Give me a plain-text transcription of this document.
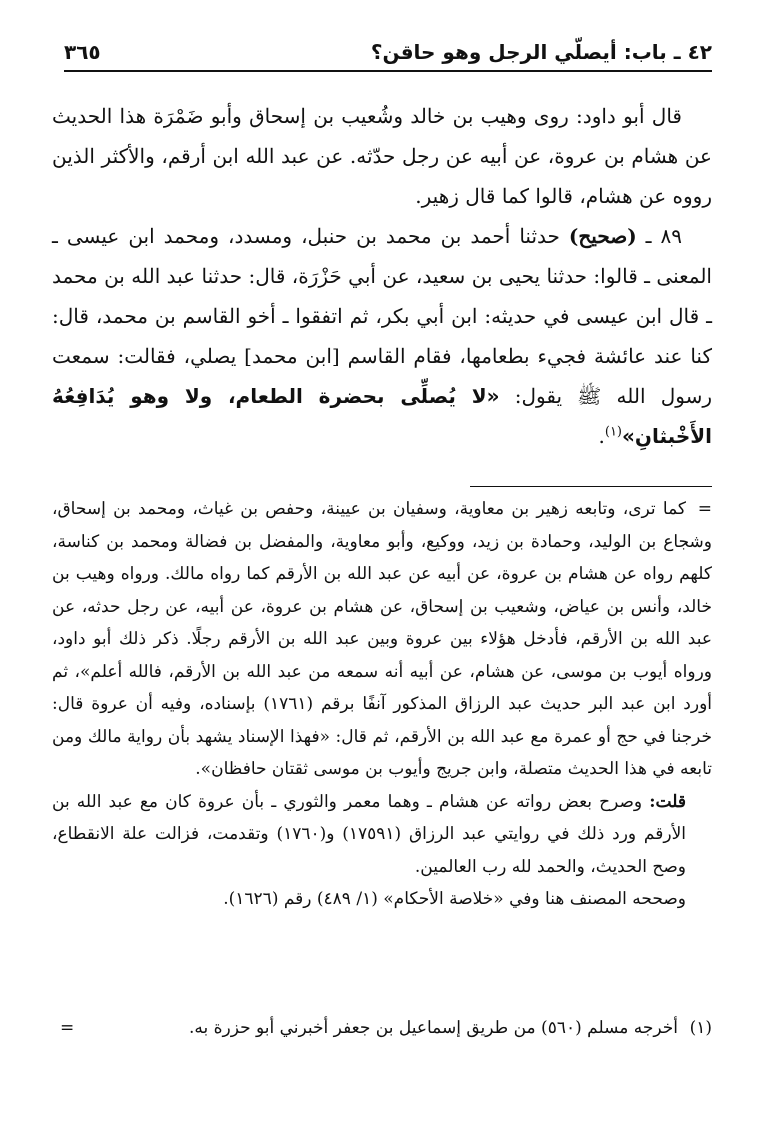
٤٢ ـ باب: أيصلّي الرجل وهو حاقن؟
٣٦٥

قال أبو داود: روى وهيب بن خالد وشُعيب بن إسحاق وأبو ضَمْرَة هذا الحديث عن هشام بن عروة، عن أبيه عن رجل حدّثه. عن عبد الله ابن أرقم، والأكثر الذين رووه عن هشام، قالوا كما قال زهير.

٨٩ ـ (صحيح) حدثنا أحمد بن محمد بن حنبل، ومسدد، ومحمد ابن عيسى ـ المعنى ـ قالوا: حدثنا يحيى بن سعيد، عن أبي حَزْرَة، قال: حدثنا عبد الله بن محمد ـ قال ابن عيسى في حديثه: ابن أبي بكر، ثم اتفقوا ـ أخو القاسم بن محمد، قال: كنا عند عائشة فجيء بطعامها، فقام القاسم [ابن محمد] يصلي، فقالت: سمعت رسول الله ﷺ يقول: «لا يُصلِّى بحضرة الطعام، ولا وهو يُدَافِعُهُ الأَخْبثانِ»$^{(١)}$.

=كما ترى، وتابعه زهير بن معاوية، وسفيان بن عيينة، وحفص بن غياث، ومحمد بن إسحاق، وشجاع بن الوليد، وحمادة بن زيد، ووكيع، وأبو معاوية، والمفضل بن فضالة ومحمد بن كناسة، كلهم رواه عن هشام بن عروة، عن أبيه عن عبد الله بن الأرقم كما رواه مالك. ورواه وهيب بن خالد، وأنس بن عياض، وشعيب بن إسحاق، عن هشام بن عروة، عن أبيه، عن رجل حدثه، عن عبد الله بن الأرقم، فأدخل هؤلاء بين عروة وبين عبد الله بن الأرقم رجلًا. ذكر ذلك أبو داود، ورواه أيوب بن موسى، عن هشام، عن أبيه أنه سمعه من عبد الله بن الأرقم، فالله أعلم»، ثم أورد ابن عبد البر حديث عبد الرزاق المذكور آنفًا برقم (١٧٦١) بإسناده، وفيه أن عروة قال: خرجنا في حج أو عمرة مع عبد الله بن الأرقم، ثم قال: «فهذا الإسناد يشهد بأن رواية مالك ومن تابعه في هذا الحديث متصلة، وابن جريج وأيوب بن موسى ثقتان حافظان».

قلت: وصرح بعض رواته عن هشام ـ وهما معمر والثوري ـ بأن عروة كان مع عبد الله بن الأرقم ورد ذلك في روايتي عبد الرزاق (١٧٥٩١) و(١٧٦٠) وتقدمت، فزالت علة الانقطاع، وصح الحديث، والحمد لله رب العالمين.

وصححه المصنف هنا وفي «خلاصة الأحكام» (١/ ٤٨٩) رقم (١٦٢٦).

(١)أخرجه مسلم (٥٦٠) من طريق إسماعيل بن جعفر أخبرني أبو حزرة به.
=
